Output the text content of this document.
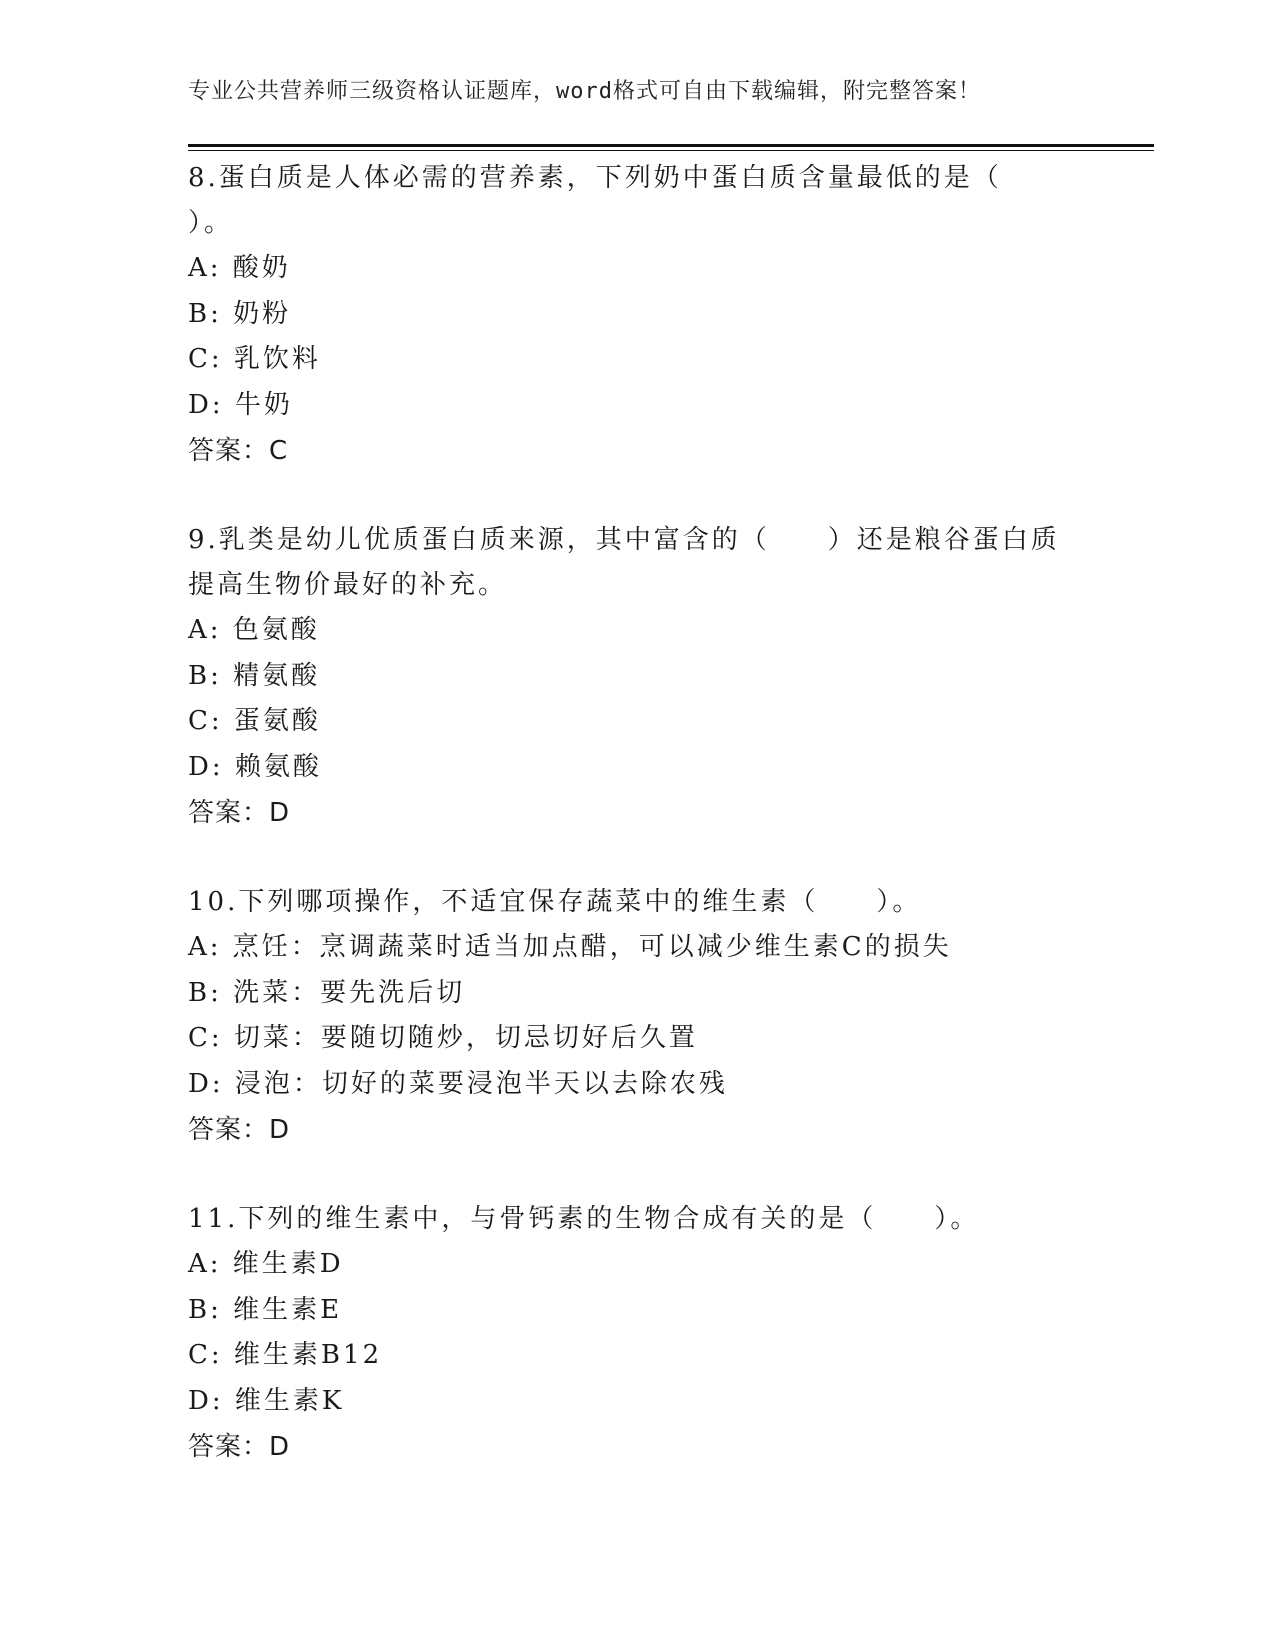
专业公共营养师三级资格认证题库，word格式可自由下载编辑，附完整答案！

8.蛋白质是人体必需的营养素，下列奶中蛋白质含量最低的是（

）。

A: 酸奶

B: 奶粉

C: 乳饮料

D: 牛奶

答案：C

9.乳类是幼儿优质蛋白质来源，其中富含的（　　）还是粮谷蛋白质

提高生物价最好的补充。

A: 色氨酸

B: 精氨酸

C: 蛋氨酸

D: 赖氨酸

答案：D

10.下列哪项操作，不适宜保存蔬菜中的维生素（　　）。

A: 烹饪：烹调蔬菜时适当加点醋，可以减少维生素C的损失

B: 洗菜：要先洗后切

C: 切菜：要随切随炒，切忌切好后久置

D: 浸泡：切好的菜要浸泡半天以去除农残

答案：D

11.下列的维生素中，与骨钙素的生物合成有关的是（　　）。

A: 维生素D

B: 维生素E

C: 维生素B12

D: 维生素K

答案：D
